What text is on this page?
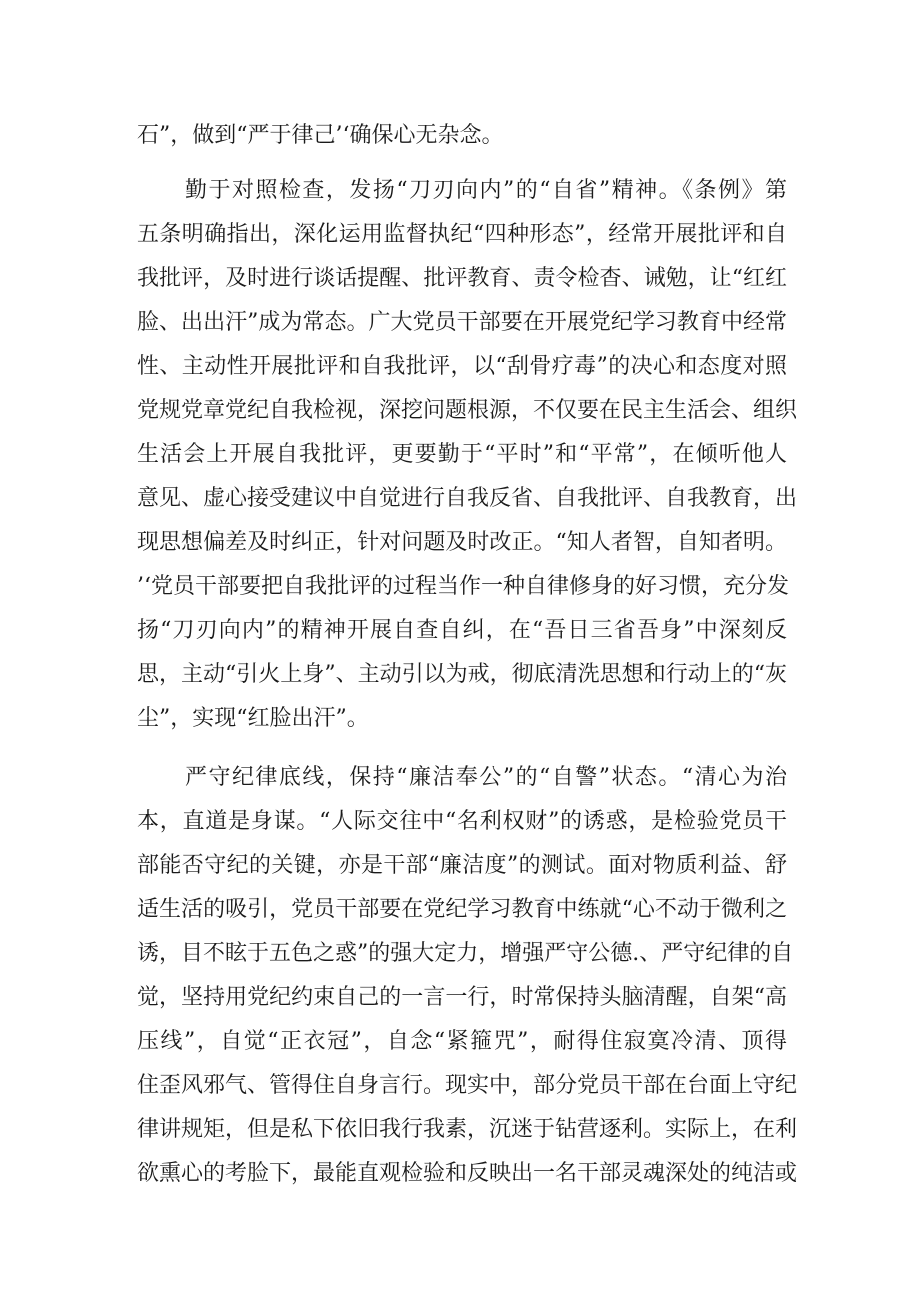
石”，做到“严于律己’‘确保心无杂念。

勤于对照检查，发扬“刀刃向内”的“自省”精神。《条例》第

五条明确指出，深化运用监督执纪“四种形态”，经常开展批评和自

我批评，及时进行谈话提醒、批评教育、责令检杳、诫勉，让“红红

脸、出出汗”成为常态。广大党员干部要在开展党纪学习教育中经常

性、主动性开展批评和自我批评，以“刮骨疗毒”的决心和态度对照

党规党章党纪自我检视，深挖问题根源，不仅要在民主生活会、组织

生活会上开展自我批评，更要勤于“平时”和“平常”，在倾听他人

意见、虚心接受建议中自觉进行自我反省、自我批评、自我教育，出

现思想偏差及时纠正，针对问题及时改正。“知人者智，自知者明。

’‘党员干部要把自我批评的过程当作一种自律修身的好习惯，充分发

扬“刀刃向内”的精神开展自查自纠，在“吾日三省吾身”中深刻反

思，主动“引火上身”、主动引以为戒，彻底清洗思想和行动上的“灰

尘”，实现“红脸出汗”。

严守纪律底线，保持“廉洁奉公”的“自警”状态。“清心为治

本，直道是身谋。“人际交往中“名利权财”的诱惑，是检验党员干

部能否守纪的关键，亦是干部“廉洁度”的测试。面对物质利益、舒

适生活的吸引，党员干部要在党纪学习教育中练就“心不动于微利之

诱，目不眩于五色之惑”的强大定力，增强严守公德.、严守纪律的自

觉，坚持用党纪约束自己的一言一行，时常保持头脑清醒，自架“高

压线”，自觉“正衣冠”，自念“紧箍咒”，耐得住寂寞冷清、顶得

住歪风邪气、管得住自身言行。现实中，部分党员干部在台面上守纪

律讲规矩，但是私下依旧我行我素，沉迷于钻营逐利。实际上，在利

欲熏心的考脸下，最能直观检验和反映出一名干部灵魂深处的纯洁或
